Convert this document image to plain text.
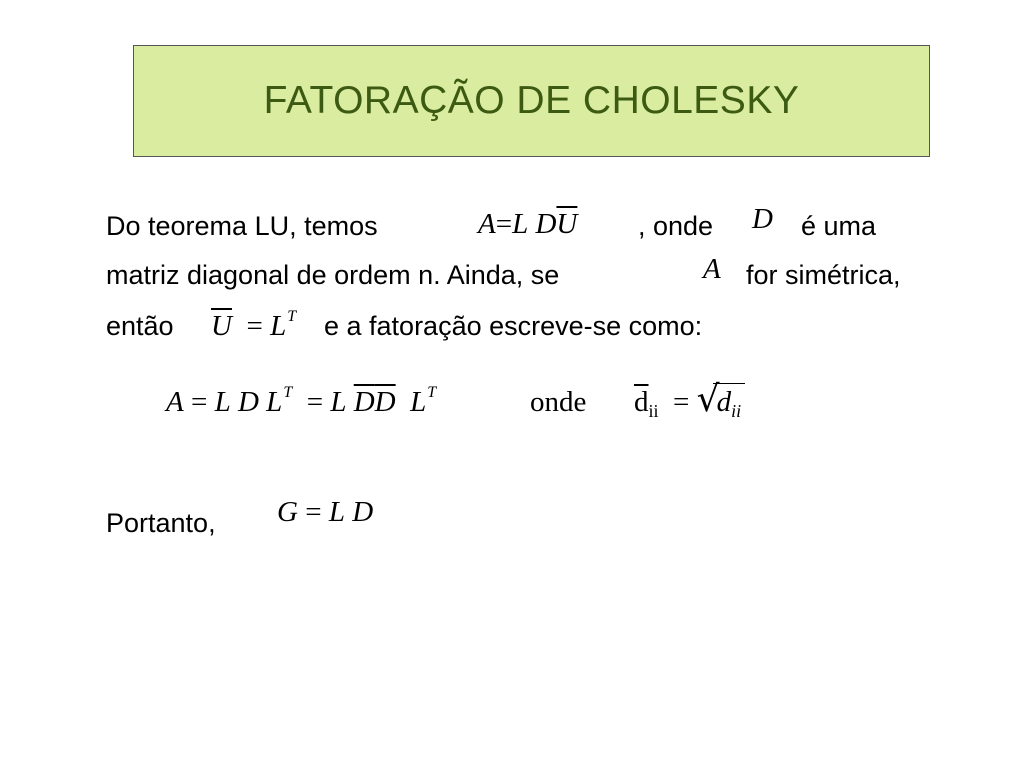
FATORAÇÃO DE CHOLESKY
Do teorema LU, temos	A=L $D\overline{U}$ , onde D é uma
matriz diagonal de ordem n. Ainda, se	A for simétrica,
então $\overline{U} = L^T$ e a fatoração escreve-se como:
A = L D $L^T = L$ $\overline{D}\overline{D}$ $L^T$	onde $\overline{d}_{ii}$ = √
$d_{ii}$
Portanto, G = L D
